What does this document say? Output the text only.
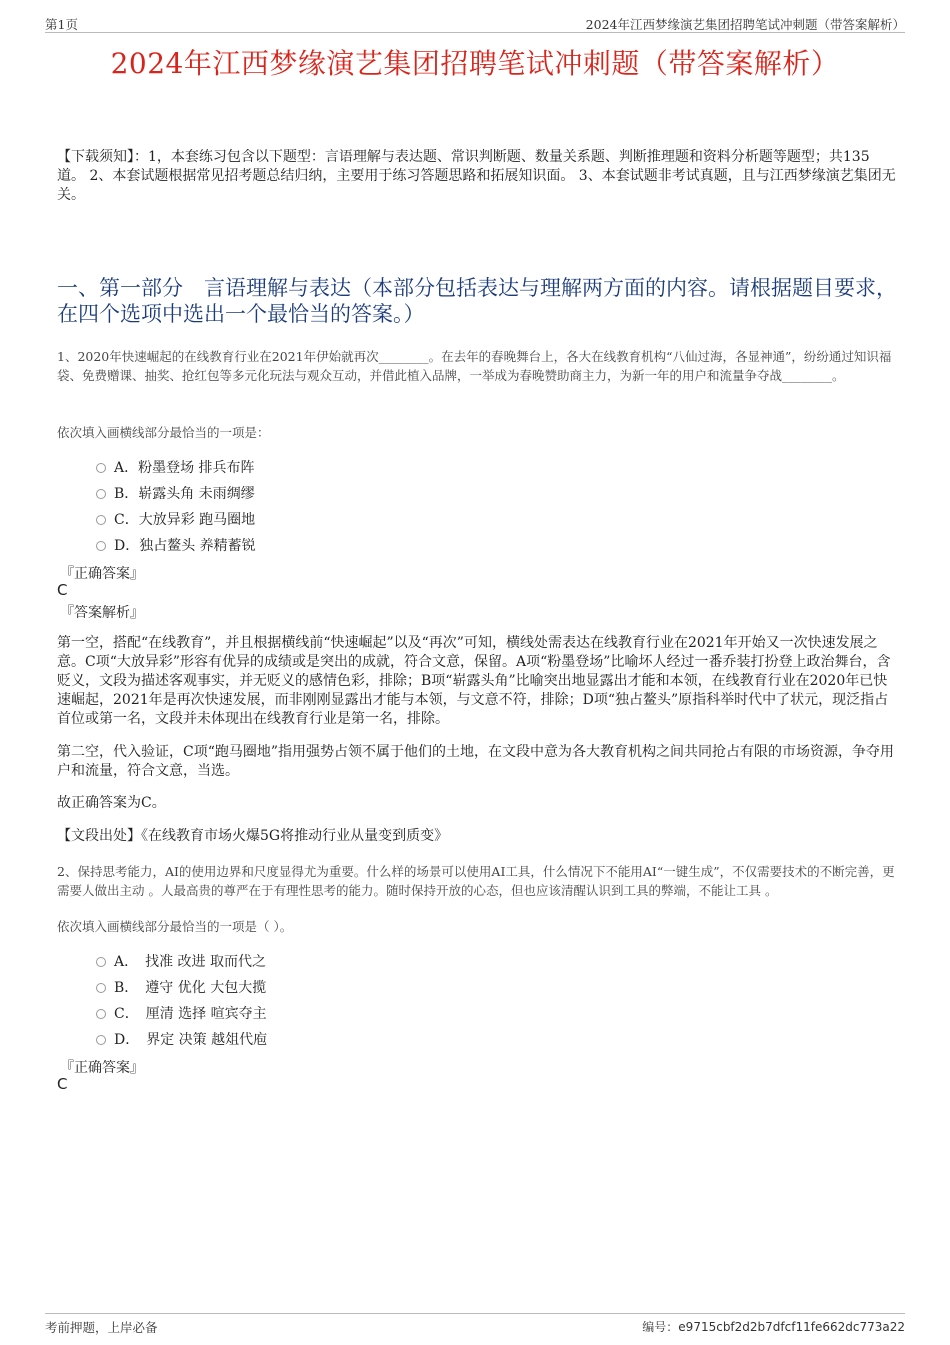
第1页	2024年江西梦缘演艺集团招聘笔试冲刺题（带答案解析）
2024年江西梦缘演艺集团招聘笔试冲刺题（带答案解析）
【下载须知】：1，本套练习包含以下题型：言语理解与表达题、常识判断题、数量关系题、判断推理题和资料分析题等题型；共135道。 2、本套试题根据常见招考题总结归纳，主要用于练习答题思路和拓展知识面。 3、本套试题非考试真题，且与江西梦缘演艺集团无关。
一、第一部分　言语理解与表达（本部分包括表达与理解两方面的内容。请根据题目要求，在四个选项中选出一个最恰当的答案。）
1、2020年快速崛起的在线教育行业在2021年伊始就再次________。在去年的春晚舞台上，各大在线教育机构“八仙过海，各显神通”，纷纷通过知识福袋、免费赠课、抽奖、抢红包等多元化玩法与观众互动，并借此植入品牌，一举成为春晚赞助商主力，为新一年的用户和流量争夺战________。
依次填入画横线部分最恰当的一项是：
A．粉墨登场 排兵布阵
B．崭露头角 未雨绸缪
C．大放异彩 跑马圈地
D．独占鳌头 养精蓄锐
『正确答案』
C
『答案解析』
第一空，搭配“在线教育”，并且根据横线前“快速崛起”以及“再次”可知，横线处需表达在线教育行业在2021年开始又一次快速发展之意。C项“大放异彩”形容有优异的成绩或是突出的成就，符合文意，保留。A项“粉墨登场”比喻坏人经过一番乔装打扮登上政治舞台，含贬义，文段为描述客观事实，并无贬义的感情色彩，排除；B项“崭露头角”比喻突出地显露出才能和本领，在线教育行业在2020年已快速崛起，2021年是再次快速发展，而非刚刚显露出才能与本领，与文意不符，排除；D项“独占鳌头”原指科举时代中了状元，现泛指占首位或第一名，文段并未体现出在线教育行业是第一名，排除。
第二空，代入验证，C项“跑马圈地”指用强势占领不属于他们的土地，在文段中意为各大教育机构之间共同抢占有限的市场资源，争夺用户和流量，符合文意，当选。
故正确答案为C。
【文段出处】《在线教育市场火爆5G将推动行业从量变到质变》
2、保持思考能力，AI的使用边界和尺度显得尤为重要。什么样的场景可以使用AI工具，什么情况下不能用AI“一键生成”，不仅需要技术的不断完善，更需要人做出主动 。人最高贵的尊严在于有理性思考的能力。随时保持开放的心态，但也应该清醒认识到工具的弊端，不能让工具 。
依次填入画横线部分最恰当的一项是（ ）。
A．　找准 改进 取而代之
B．　遵守 优化 大包大揽
C．　厘清 选择 喧宾夺主
D．　界定 决策 越俎代庖
『正确答案』
C
考前押题，上岸必备	编号：e9715cbf2d2b7dfcf11fe662dc773a22
